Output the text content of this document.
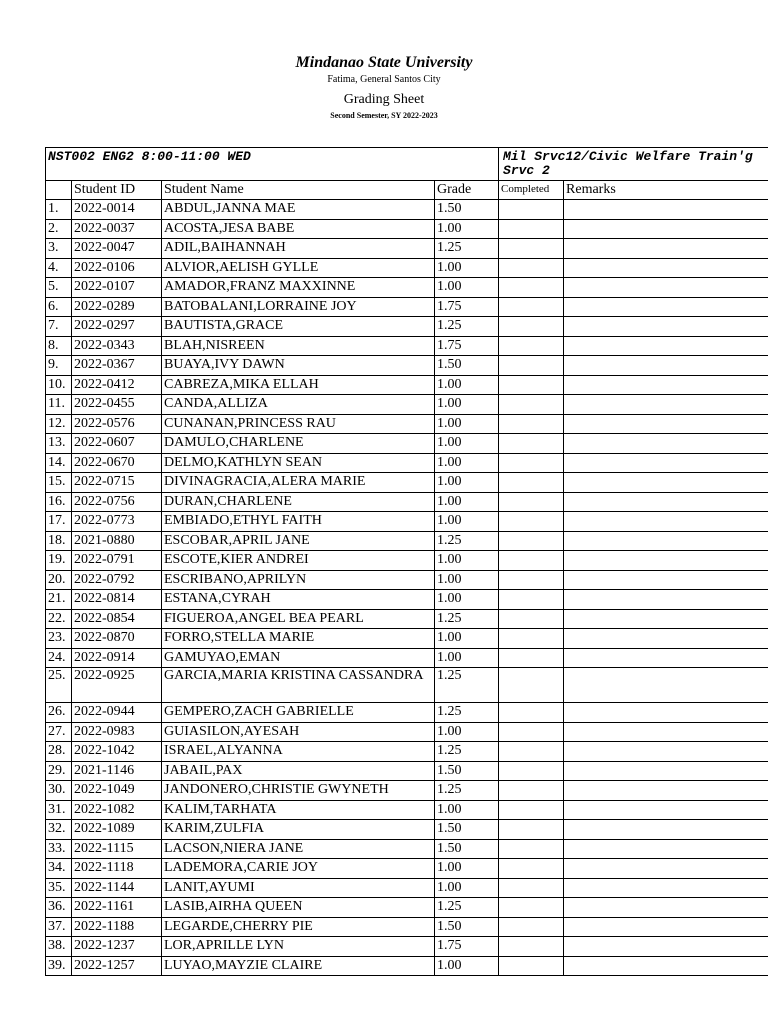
Mindanao State University
Fatima, General Santos City
Grading Sheet
Second Semester, SY 2022-2023
NST002 ENG2 8:00-11:00 WED				Mil Srvc12/Civic Welfare Train'g Srvc 2	
	Student ID	Student Name	Grade	Completed	Remarks
1.	2022-0014	ABDUL,JANNA MAE	1.50		
2.	2022-0037	ACOSTA,JESA BABE	1.00		
3.	2022-0047	ADIL,BAIHANNAH	1.25		
4.	2022-0106	ALVIOR,AELISH GYLLE	1.00		
5.	2022-0107	AMADOR,FRANZ MAXXINNE	1.00		
6.	2022-0289	BATOBALANI,LORRAINE JOY	1.75		
7.	2022-0297	BAUTISTA,GRACE	1.25		
8.	2022-0343	BLAH,NISREEN	1.75		
9.	2022-0367	BUAYA,IVY DAWN	1.50		
10.	2022-0412	CABREZA,MIKA ELLAH	1.00		
11.	2022-0455	CANDA,ALLIZA	1.00		
12.	2022-0576	CUNANAN,PRINCESS RAU	1.00		
13.	2022-0607	DAMULO,CHARLENE	1.00		
14.	2022-0670	DELMO,KATHLYN SEAN	1.00		
15.	2022-0715	DIVINAGRACIA,ALERA MARIE	1.00		
16.	2022-0756	DURAN,CHARLENE	1.00		
17.	2022-0773	EMBIADO,ETHYL FAITH	1.00		
18.	2021-0880	ESCOBAR,APRIL JANE	1.25		
19.	2022-0791	ESCOTE,KIER ANDREI	1.00		
20.	2022-0792	ESCRIBANO,APRILYN	1.00		
21.	2022-0814	ESTANA,CYRAH	1.00		
22.	2022-0854	FIGUEROA,ANGEL BEA PEARL	1.25		
23.	2022-0870	FORRO,STELLA MARIE	1.00		
24.	2022-0914	GAMUYAO,EMAN	1.00		
25.	2022-0925	GARCIA,MARIA KRISTINA CASSANDRA	1.25		
26.	2022-0944	GEMPERO,ZACH GABRIELLE	1.25		
27.	2022-0983	GUIASILON,AYESAH	1.00		
28.	2022-1042	ISRAEL,ALYANNA	1.25		
29.	2021-1146	JABAIL,PAX	1.50		
30.	2022-1049	JANDONERO,CHRISTIE GWYNETH	1.25		
31.	2022-1082	KALIM,TARHATA	1.00		
32.	2022-1089	KARIM,ZULFIA	1.50		
33.	2022-1115	LACSON,NIERA JANE	1.50		
34.	2022-1118	LADEMORA,CARIE JOY	1.00		
35.	2022-1144	LANIT,AYUMI	1.00		
36.	2022-1161	LASIB,AIRHA QUEEN	1.25		
37.	2022-1188	LEGARDE,CHERRY PIE	1.50		
38.	2022-1237	LOR,APRILLE LYN	1.75		
39.	2022-1257	LUYAO,MAYZIE CLAIRE	1.00		
